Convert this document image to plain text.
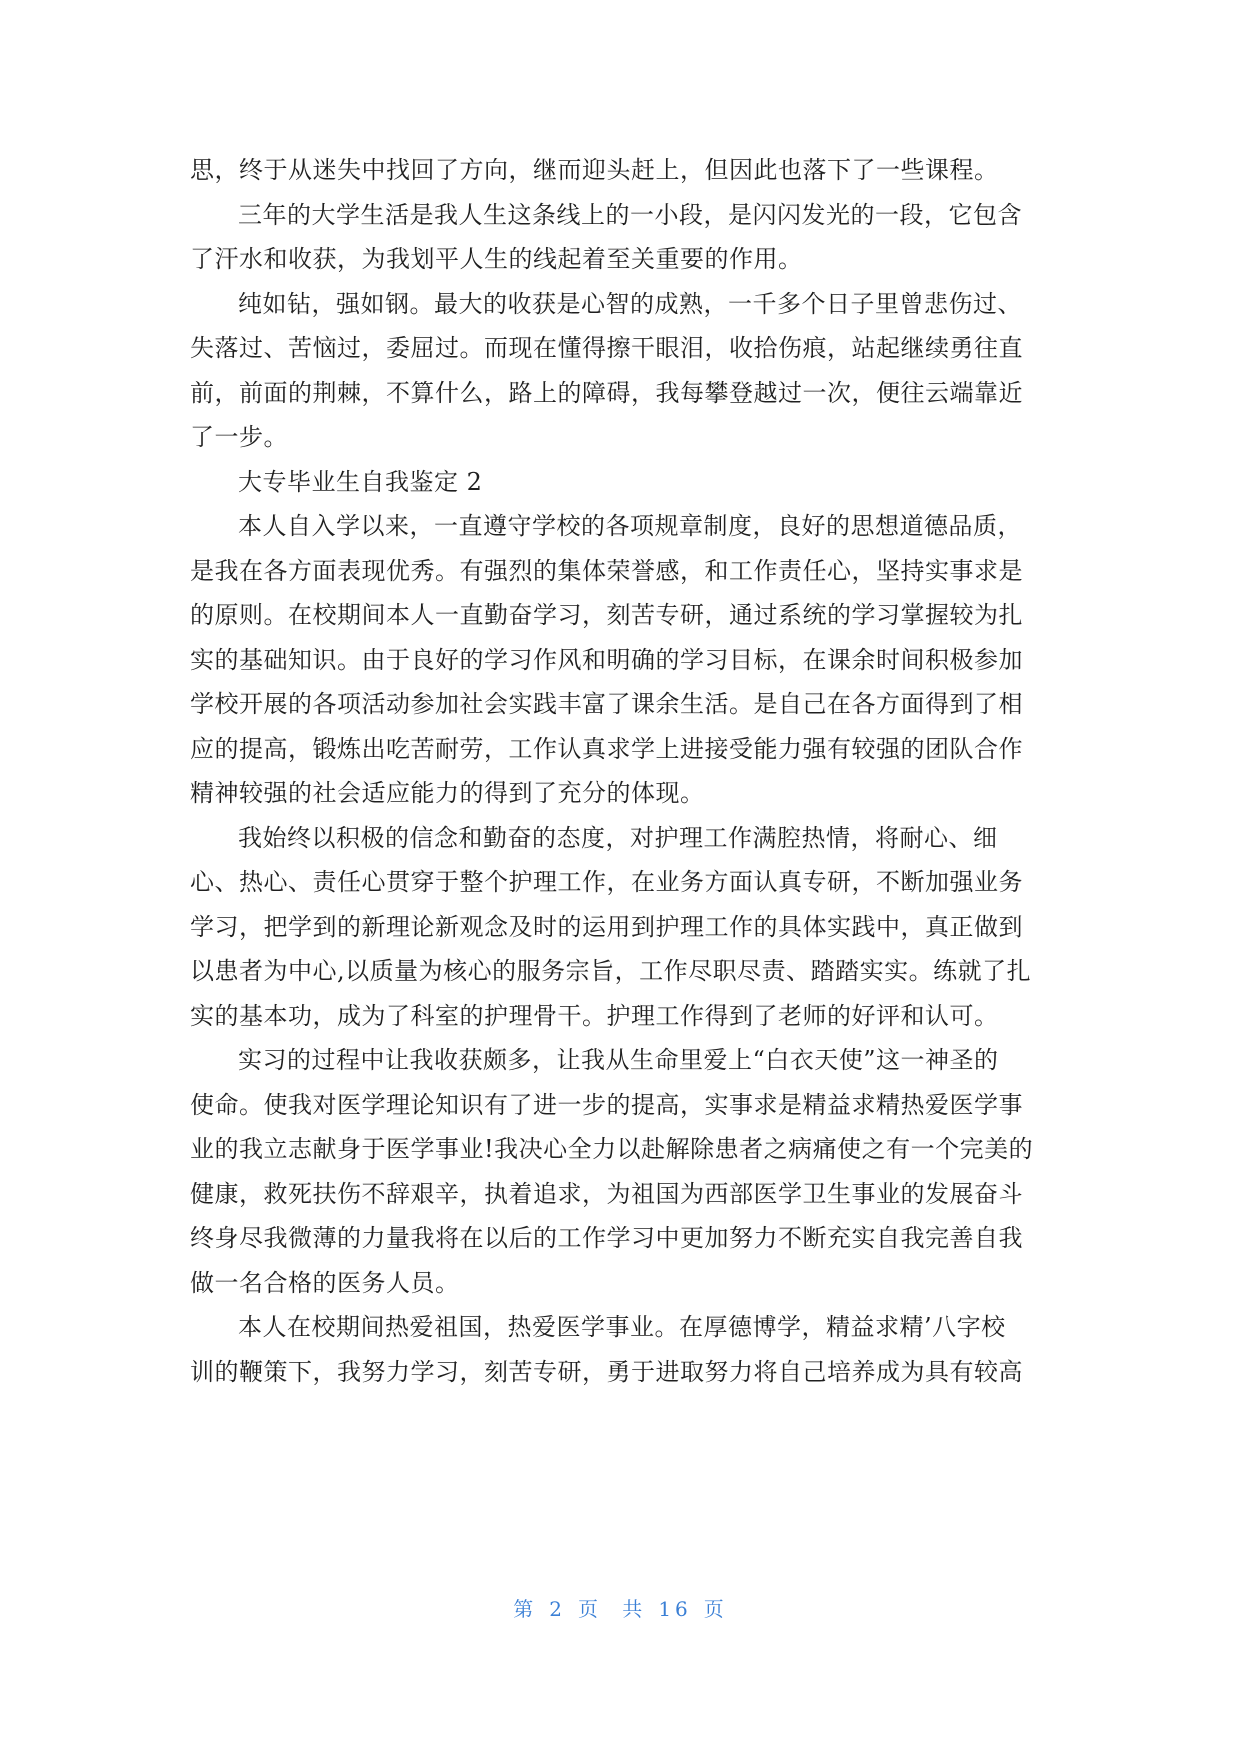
思，终于从迷失中找回了方向，继而迎头赶上，但因此也落下了一些课程。
三年的大学生活是我人生这条线上的一小段，是闪闪发光的一段，它包含
了汗水和收获，为我划平人生的线起着至关重要的作用。
纯如钻，强如钢。最大的收获是心智的成熟，一千多个日子里曾悲伤过、
失落过、苦恼过，委屈过。而现在懂得擦干眼泪，收拾伤痕，站起继续勇往直
前，前面的荆棘，不算什么，路上的障碍，我每攀登越过一次，便往云端靠近
了一步。
大专毕业生自我鉴定 2
本人自入学以来，一直遵守学校的各项规章制度，良好的思想道德品质，
是我在各方面表现优秀。有强烈的集体荣誉感，和工作责任心，坚持实事求是
的原则。在校期间本人一直勤奋学习，刻苦专研，通过系统的学习掌握较为扎
实的基础知识。由于良好的学习作风和明确的学习目标，在课余时间积极参加
学校开展的各项活动参加社会实践丰富了课余生活。是自己在各方面得到了相
应的提高，锻炼出吃苦耐劳，工作认真求学上进接受能力强有较强的团队合作
精神较强的社会适应能力的得到了充分的体现。
我始终以积极的信念和勤奋的态度，对护理工作满腔热情，将耐心、细
心、热心、责任心贯穿于整个护理工作，在业务方面认真专研，不断加强业务
学习，把学到的新理论新观念及时的运用到护理工作的具体实践中，真正做到
以患者为中心,以质量为核心的服务宗旨，工作尽职尽责、踏踏实实。练就了扎
实的基本功，成为了科室的护理骨干。护理工作得到了老师的好评和认可。
实习的过程中让我收获颇多，让我从生命里爱上“白衣天使”这一神圣的
使命。使我对医学理论知识有了进一步的提高，实事求是精益求精热爱医学事
业的我立志献身于医学事业!我决心全力以赴解除患者之病痛使之有一个完美的
健康，救死扶伤不辞艰辛，执着追求，为祖国为西部医学卫生事业的发展奋斗
终身尽我微薄的力量我将在以后的工作学习中更加努力不断充实自我完善自我
做一名合格的医务人员。
本人在校期间热爱祖国，热爱医学事业。在厚德博学，精益求精’八字校
训的鞭策下，我努力学习，刻苦专研，勇于进取努力将自己培养成为具有较高
第 2 页 共 16 页
